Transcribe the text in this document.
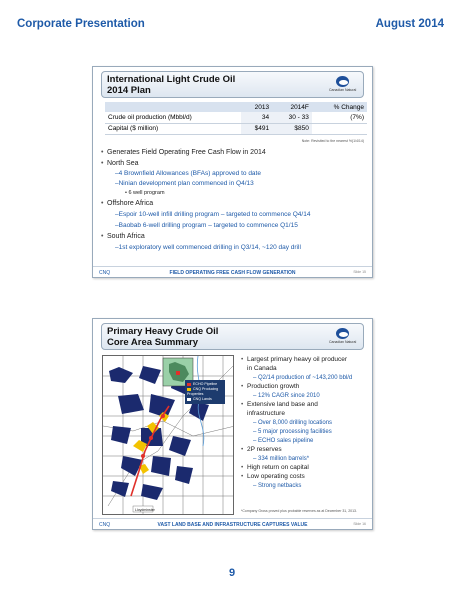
Corporate Presentation	August 2014
International Light Crude Oil
2014 Plan	Canadian Natural
	2013	2014F	% Change
Crude oil production (Mbbl/d)	34	30 - 33	(7%)
Capital ($ million)	$491	$850	
Note: Revisited to the nearest %(1/4/14)
• Generates Field Operating Free Cash Flow in 2014
• North Sea
–4 Brownfield Allowances (BFAs) approved to date
–Ninian development plan commenced in Q4/13
• 6 well program
• Offshore Africa
–Espoir 10-well infill drilling program – targeted to commence Q4/14
–Baobab 6-well drilling program – targeted to commence Q1/15
• South Africa
–1st exploratory well commenced drilling in Q3/14, ~120 day drill
CNQ	FIELD OPERATING FREE CASH FLOW GENERATION	Slide 15
Primary Heavy Crude Oil
Core Area Summary	Canadian Natural
Lloydminster
ECHO Pipeline
CNQ Producing Properties
CNQ Lands
• Largest primary heavy oil producer
in Canada
– Q2/14 production of ~143,200 bbl/d
• Production growth
– 12% CAGR since 2010
• Extensive land base and
infrastructure
– Over 8,000 drilling locations
– 5 major processing facilities
– ECHO sales pipeline
• 2P reserves
– 334 million barrels*
• High return on capital
• Low operating costs
– Strong netbacks
*Company Gross proved plus probable reserves as at December 31, 2013.
CNQ	VAST LAND BASE AND INFRASTRUCTURE CAPTURES VALUE	Slide 16
9
